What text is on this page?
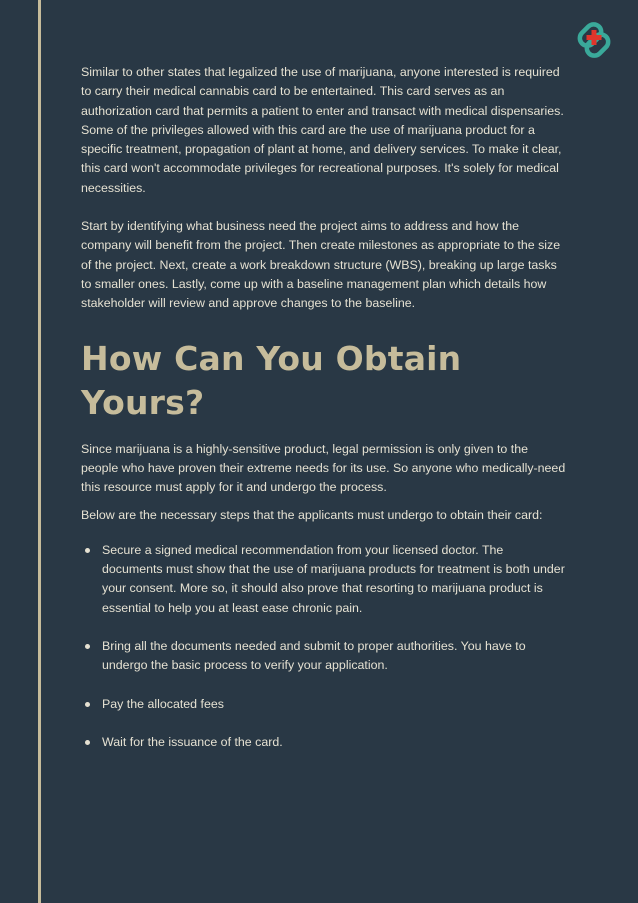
Similar to other states that legalized the use of marijuana, anyone interested is required to carry their medical cannabis card to be entertained. This card serves as an authorization card that permits a patient to enter and transact with medical dispensaries. Some of the privileges allowed with this card are the use of marijuana product for a specific treatment, propagation of plant at home, and delivery services. To make it clear, this card won't accommodate privileges for recreational purposes. It's solely for medical necessities.

Start by identifying what business need the project aims to address and how the company will benefit from the project. Then create milestones as appropriate to the size of the project. Next, create a work breakdown structure (WBS), breaking up large tasks to smaller ones. Lastly, come up with a baseline management plan which details how stakeholder will review and approve changes to the baseline.

How Can You Obtain Yours?

Since marijuana is a highly-sensitive product, legal permission is only given to the people who have proven their extreme needs for its use. So anyone who medically-need this resource must apply for it and undergo the process.

Below are the necessary steps that the applicants must undergo to obtain their card:

Secure a signed medical recommendation from your licensed doctor. The documents must show that the use of marijuana products for treatment is both under your consent. More so, it should also prove that resorting to marijuana product is essential to help you at least ease chronic pain.
Bring all the documents needed and submit to proper authorities. You have to undergo the basic process to verify your application.
Pay the allocated fees
Wait for the issuance of the card.
